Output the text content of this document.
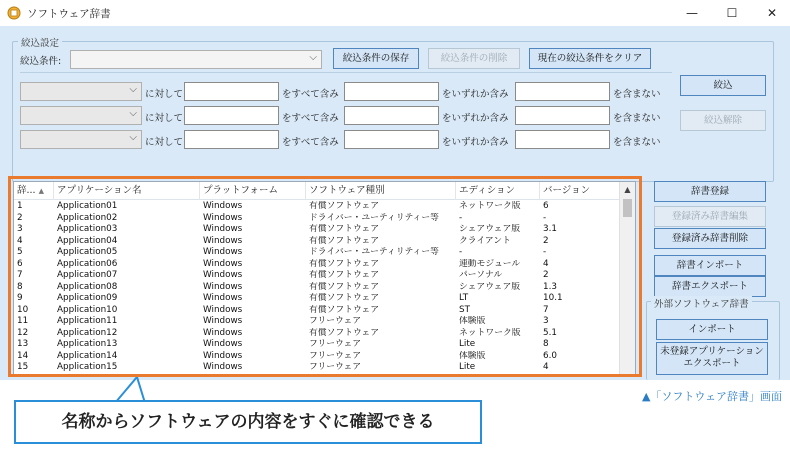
ソフトウェア辞書	—	☐	✕
絞込設定
絞込条件:	⌵	絞込条件の保存	絞込条件の削除	現在の絞込条件をクリア
⌵ に対して	をすべて含み	をいずれか含み	を含まない
⌵ に対して	をすべて含み	をいずれか含み	を含まない
⌵ に対して	をすべて含み	をいずれか含み	を含まない
絞込
絞込解除
辞... ▲	アプリケーション名	プラットフォーム	ソフトウェア種別	エディション	バージョン
1	Application01	Windows	有償ソフトウェア	ネットワーク版	6
2	Application02	Windows	ドライバー・ユーティリティー等	-	-
3	Application03	Windows	有償ソフトウェア	シェアウェア版	3.1
4	Application04	Windows	有償ソフトウェア	クライアント	2
5	Application05	Windows	ドライバー・ユーティリティー等	-	-
6	Application06	Windows	有償ソフトウェア	連動モジュール	4
7	Application07	Windows	有償ソフトウェア	パーソナル	2
8	Application08	Windows	有償ソフトウェア	シェアウェア版	1.3
9	Application09	Windows	有償ソフトウェア	LT	10.1
10	Application10	Windows	有償ソフトウェア	ST	7
11	Application11	Windows	フリーウェア	体験版	3
12	Application12	Windows	有償ソフトウェア	ネットワーク版	5.1
13	Application13	Windows	フリーウェア	Lite	8
14	Application14	Windows	フリーウェア	体験版	6.0
15	Application15	Windows	フリーウェア	Lite	4
▲	辞書登録
登録済み辞書編集
登録済み辞書削除
辞書インポート
辞書エクスポート
外部ソフトウェア辞書
インポート
未登録アプリケーション
エクスポート
▲「ソフトウェア辞書」画面
名称からソフトウェアの内容をすぐに確認できる
